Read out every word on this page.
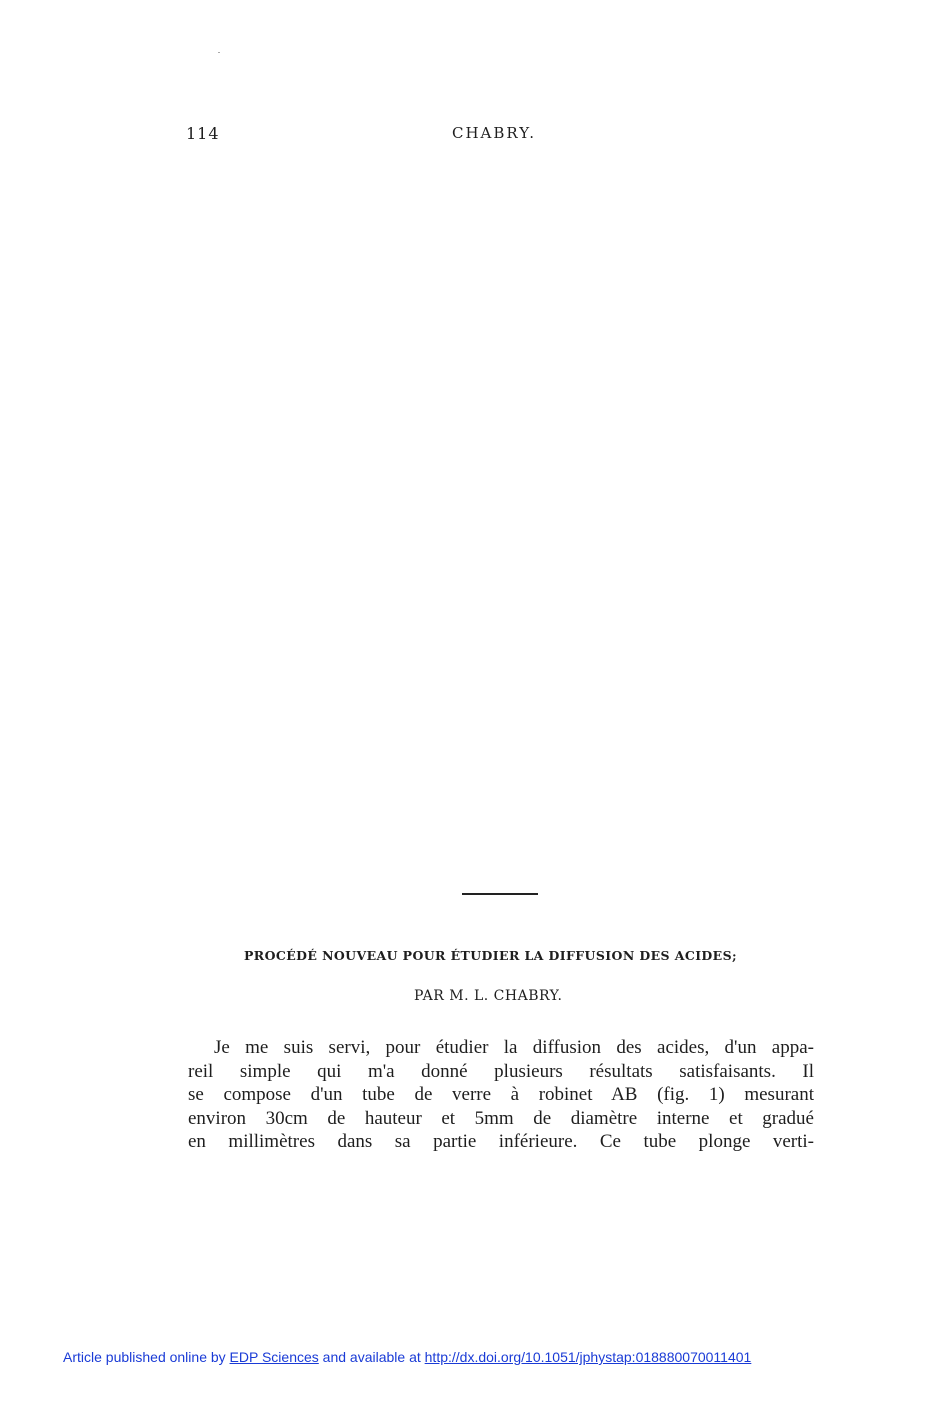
114	CHABRY.
PROCÉDÉ NOUVEAU POUR ÉTUDIER LA DIFFUSION DES ACIDES;
PAR M. L. CHABRY.
Je me suis servi, pour étudier la diffusion des acides, d'un appa-
reil simple qui m'a donné plusieurs résultats satisfaisants. Il
se compose d'un tube de verre à robinet AB (fig. 1) mesurant
environ 30cm de hauteur et 5mm de diamètre interne et gradué
en millimètres dans sa partie inférieure. Ce tube plonge verti-
Article published online by EDP Sciences and available at http://dx.doi.org/10.1051/jphystap:018880070011401
